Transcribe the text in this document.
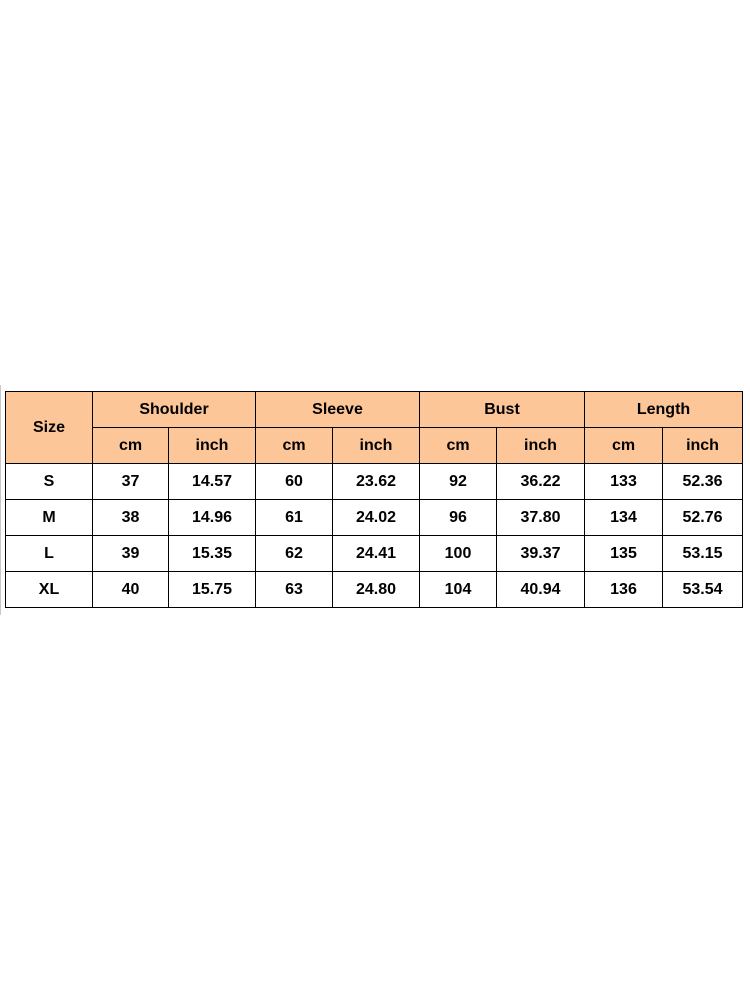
Size	Shoulder		Sleeve		Bust		Length	
	cm	inch	cm	inch	cm	inch	cm	inch
S	37	14.57	60	23.62	92	36.22	133	52.36
M	38	14.96	61	24.02	96	37.80	134	52.76
L	39	15.35	62	24.41	100	39.37	135	53.15
XL	40	15.75	63	24.80	104	40.94	136	53.54
